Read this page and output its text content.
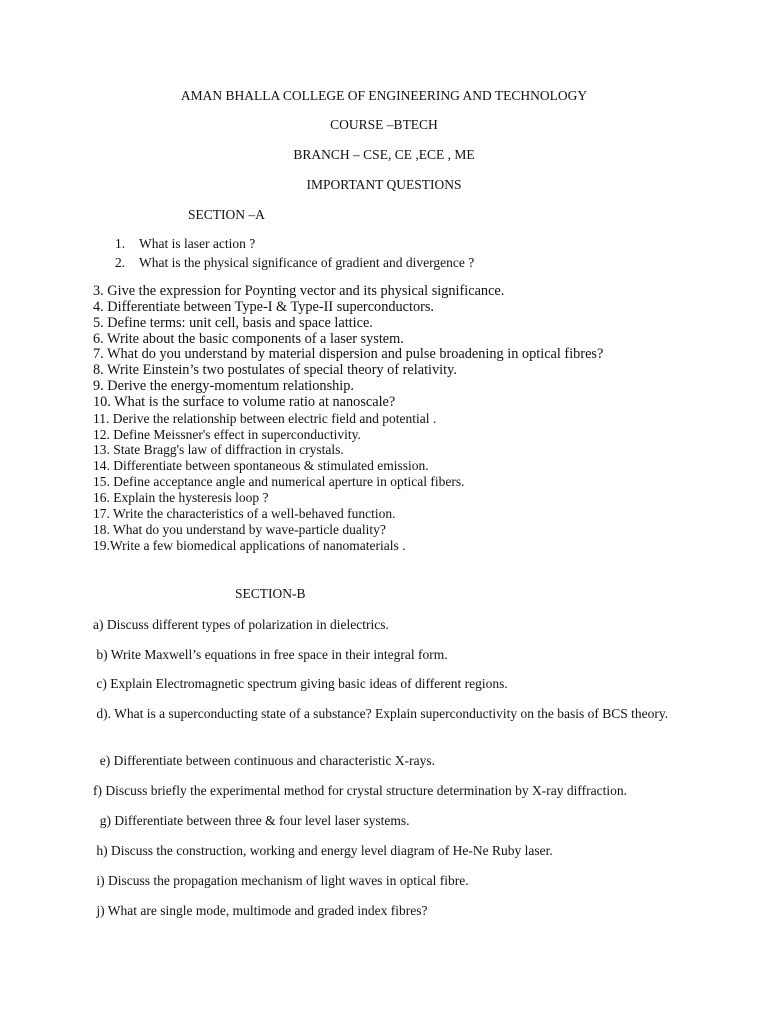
AMAN BHALLA COLLEGE OF ENGINEERING AND TECHNOLOGY
COURSE –BTECH
BRANCH – CSE, CE ,ECE , ME
IMPORTANT QUESTIONS
SECTION –A
1. What is laser action ?
2. What is the physical significance of gradient and divergence ?
3. Give the expression for Poynting vector and its physical significance.
4. Differentiate between Type-I & Type-II superconductors.
5. Define terms: unit cell, basis and space lattice.
6. Write about the basic components of a laser system.
7. What do you understand by material dispersion and pulse broadening in optical fibres?
8. Write Einstein’s two postulates of special theory of relativity.
9. Derive the energy-momentum relationship.
10. What is the surface to volume ratio at nanoscale?
11. Derive the relationship between electric field and potential .
12. Define Meissner's effect in superconductivity.
13. State Bragg's law of diffraction in crystals.
14. Differentiate between spontaneous & stimulated emission.
15. Define acceptance angle and numerical aperture in optical fibers.
16. Explain the hysteresis loop ?
17. Write the characteristics of a well-behaved function.
18. What do you understand by wave-particle duality?
19.Write a few biomedical applications of nanomaterials .
SECTION-B

a) Discuss different types of polarization in dielectrics.

b) Write Maxwell’s equations in free space in their integral form.

c) Explain Electromagnetic spectrum giving basic ideas of different regions.

d). What is a superconducting state of a substance? Explain superconductivity on the basis of BCS theory.

e) Differentiate between continuous and characteristic X-rays.

f) Discuss briefly the experimental method for crystal structure determination by X-ray diffraction.

g) Differentiate between three & four level laser systems.

h) Discuss the construction, working and energy level diagram of He-Ne Ruby laser.

i) Discuss the propagation mechanism of light waves in optical fibre.

j) What are single mode, multimode and graded index fibres?
